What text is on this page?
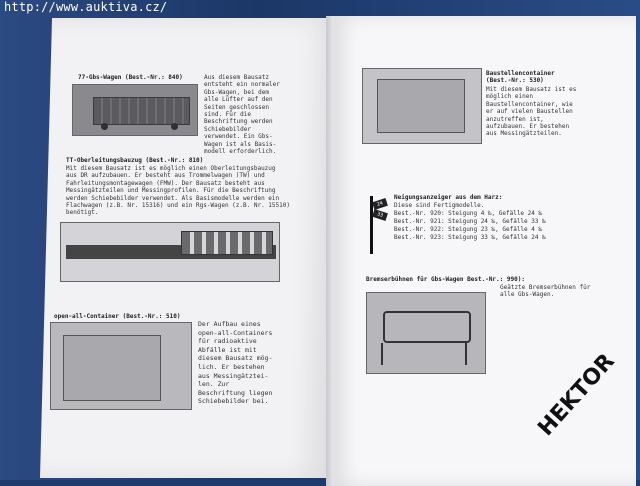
http://www.auktiva.cz/
77-Gbs-Wagen (Best.-Nr.: 840)	Aus diesem Bausatz
entsteht ein normaler
Gbs-Wagen, bei dem
alle Lüfter auf den
Seiten geschlossen
sind. Für die
Beschriftung werden
Schiebebilder
verwendet. Ein Gbs-
Wagen ist als Basis-
modell erforderlich.
TT-Oberleitungsbauzug (Best.-Nr.: 810)
Mit diesem Bausatz ist es möglich einen Oberleitungsbauzug
aus DR aufzubauen. Er besteht aus Trommelwagen (TW) und
Fahrleitungsmontagewagen (FMW). Der Bausatz besteht aus
Messingätzteilen und Messingprofilen. Für die Beschriftung
werden Schiebebilder verwendet. Als Basismodelle werden ein
Flachwagen (z.B. Nr. 15316) und ein Rgs-Wagen (z.B. Nr. 15510)
benötigt.
open-all-Container (Best.-Nr.: 510)
Der Aufbau eines
open-all-Containers
für radioaktive
Abfälle ist mit
diesem Bausatz mög-
lich. Er bestehen
aus Messingätztei-
len. Zur
Beschriftung liegen
Schiebebilder bei.
Baustellencontainer
(Best.-Nr.: 530)
Mit diesem Bausatz ist es
möglich einen
Baustellencontainer, wie
er auf vielen Baustellen
anzutreffen ist,
aufzubauen. Er bestehen
aus Messingätzteilen.
24
33
Neigungsanzeiger aus dem Harz:
Diese sind Fertigmodelle.
Best.-Nr. 920: Steigung 4 ‰, Gefälle 24 ‰
Best.-Nr. 921: Steigung 24 ‰, Gefälle 33 ‰
Best.-Nr. 922: Steigung 23 ‰, Gefälle 4 ‰
Best.-Nr. 923: Steigung 33 ‰, Gefälle 24 ‰
Bremserbühnen für Gbs-Wagen Best.-Nr.: 990):
Geätzte Bremserbühnen für
alle Gbs-Wagen.
HEKTOR
